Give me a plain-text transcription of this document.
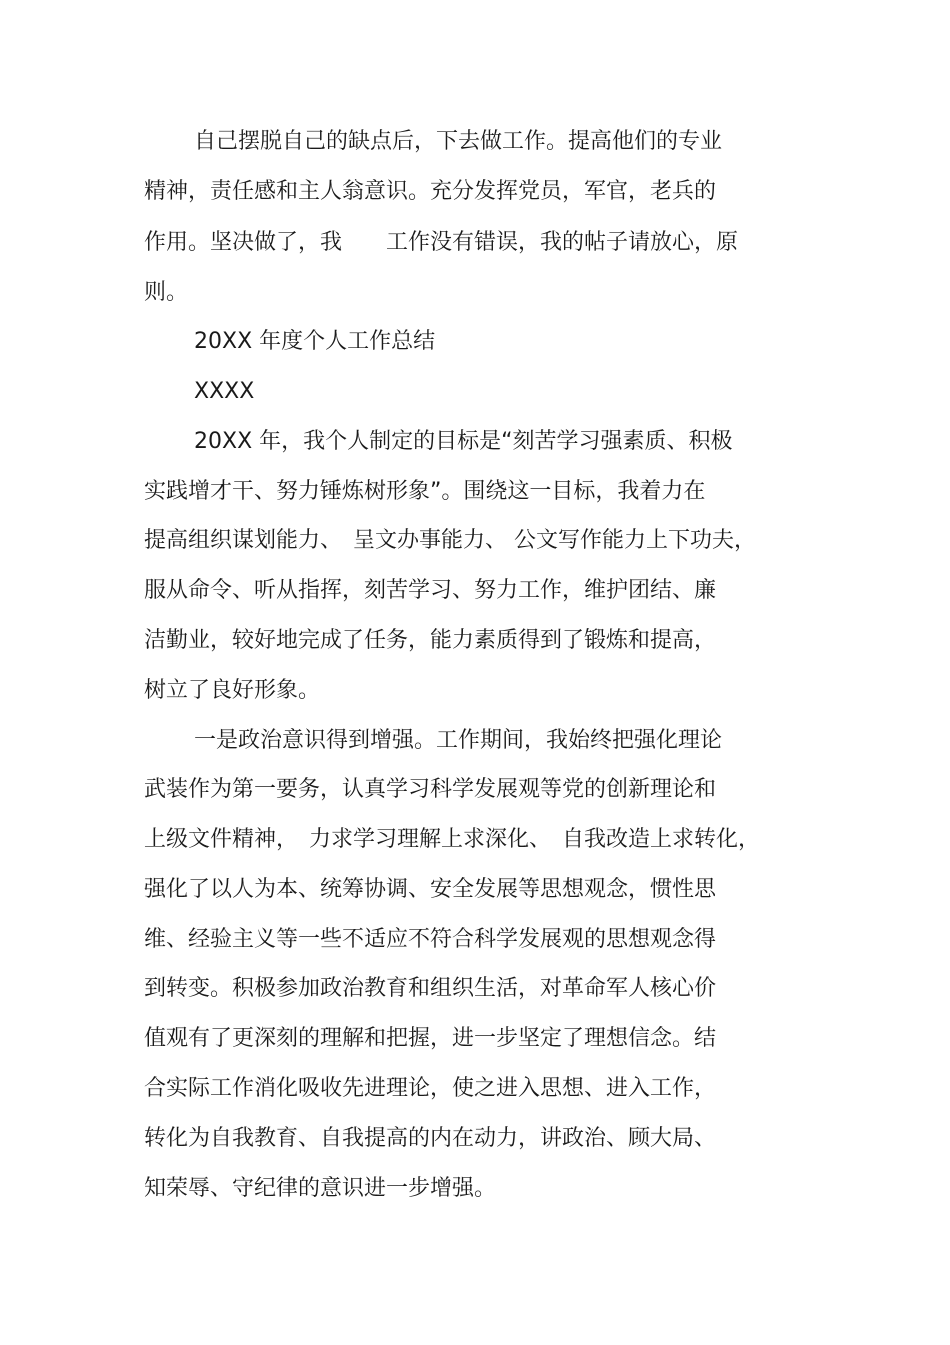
自己摆脱自己的缺点后，下去做工作。提高他们的专业
精神，责任感和主人翁意识。充分发挥党员，军官，老兵的
作用。坚决做了，我　　工作没有错误，我的帖子请放心，原
则。
20XX 年度个人工作总结
XXXX
20XX 年，我个人制定的目标是“刻苦学习强素质、积极
实践增才干、努力锤炼树形象”。围绕这一目标，我着力在
提高组织谋划能力、　呈文办事能力、 公文写作能力上下功夫，
服从命令、听从指挥，刻苦学习、努力工作，维护团结、廉
洁勤业，较好地完成了任务，能力素质得到了锻炼和提高，
树立了良好形象。
一是政治意识得到增强。工作期间，我始终把强化理论
武装作为第一要务，认真学习科学发展观等党的创新理论和
上级文件精神，　力求学习理解上求深化、　自我改造上求转化，
强化了以人为本、统筹协调、安全发展等思想观念，惯性思
维、经验主义等一些不适应不符合科学发展观的思想观念得
到转变。积极参加政治教育和组织生活，对革命军人核心价
值观有了更深刻的理解和把握，进一步坚定了理想信念。结
合实际工作消化吸收先进理论，使之进入思想、进入工作，
转化为自我教育、自我提高的内在动力，讲政治、顾大局、
知荣辱、守纪律的意识进一步增强。
